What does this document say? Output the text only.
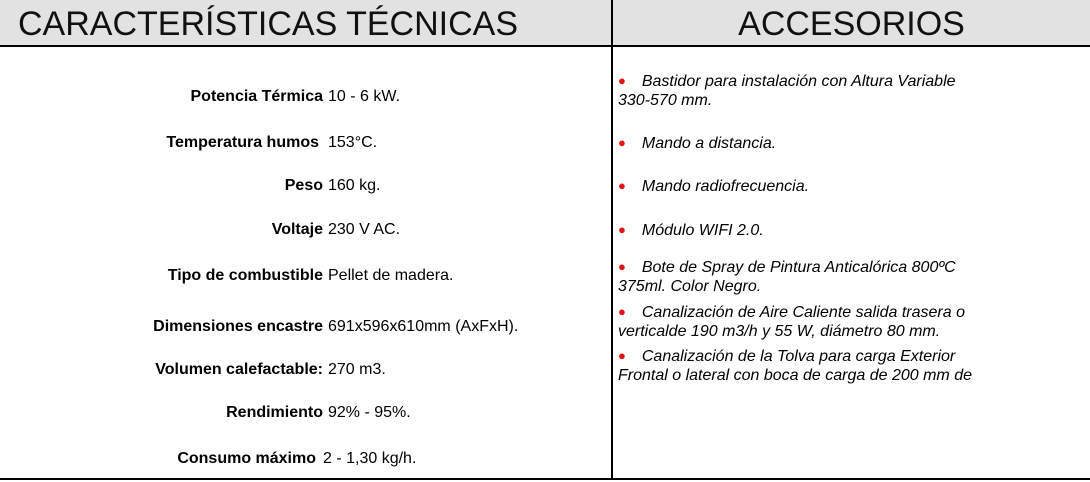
CARACTERÍSTICAS TÉCNICAS	ACCESORIOS
Potencia Térmica 10 - 6 kW.
Temperatura humos 153°C.
Peso 160 kg.
Voltaje 230 V AC.
Tipo de combustible Pellet de madera.
Dimensiones encastre 691x596x610mm (AxFxH).
Volumen calefactable: 270 m3.
Rendimiento 92% - 95%.
Consumo máximo 2 - 1,30 kg/h.
● Bastidor para instalación con Altura Variable
330-570 mm.
● Mando a distancia.
● Mando radiofrecuencia.
● Módulo WIFI 2.0.
● Bote de Spray de Pintura Anticalórica 800ºC
375ml. Color Negro.
● Canalización de Aire Caliente salida trasera o
verticalde 190 m3/h y 55 W, diámetro 80 mm.
● Canalización de la Tolva para carga Exterior
Frontal o lateral con boca de carga de 200 mm de
